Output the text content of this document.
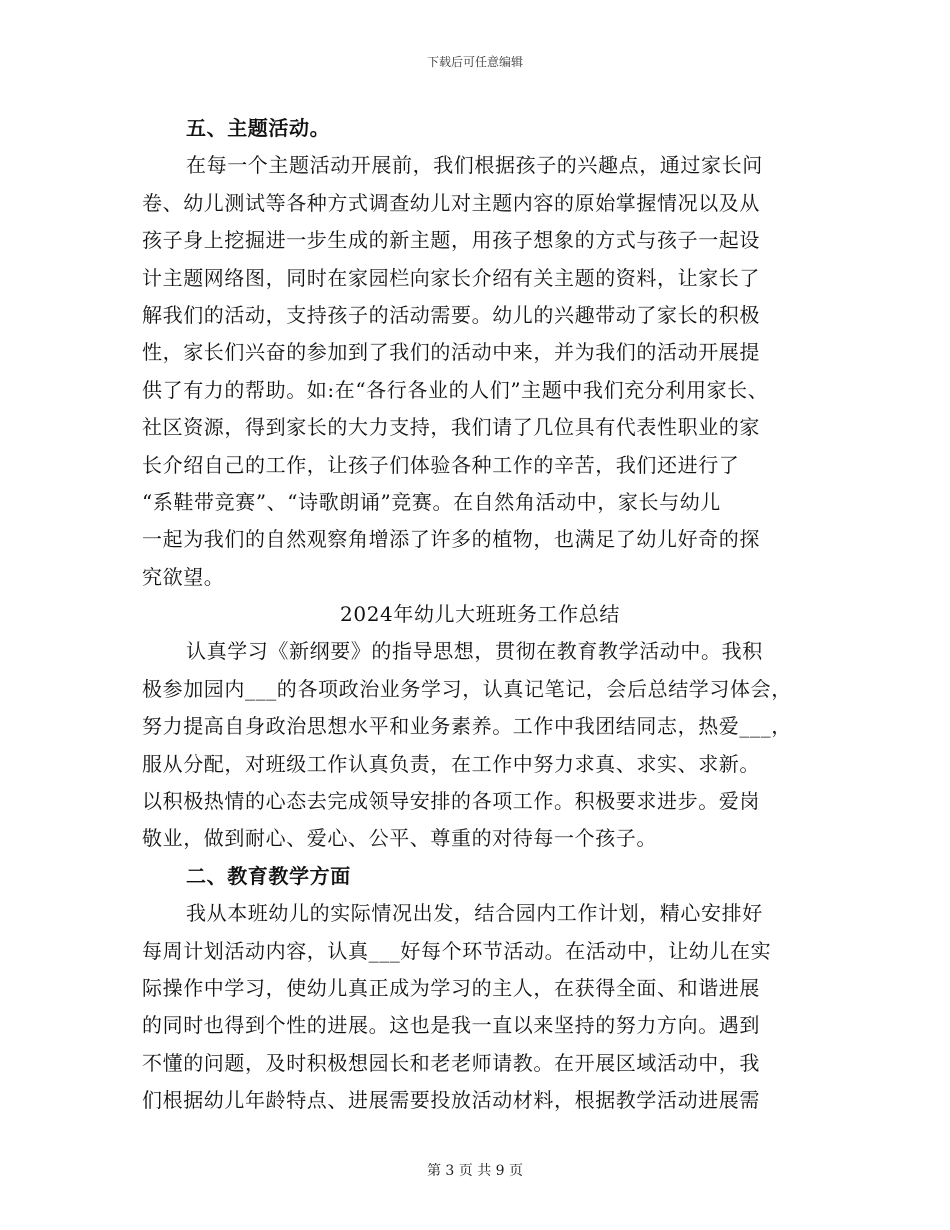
下载后可任意编辑
五、主题活动。
在每一个主题活动开展前，我们根据孩子的兴趣点，通过家长问
卷、幼儿测试等各种方式调查幼儿对主题内容的原始掌握情况以及从
孩子身上挖掘进一步生成的新主题，用孩子想象的方式与孩子一起设
计主题网络图，同时在家园栏向家长介绍有关主题的资料，让家长了
解我们的活动，支持孩子的活动需要。幼儿的兴趣带动了家长的积极
性，家长们兴奋的参加到了我们的活动中来，并为我们的活动开展提
供了有力的帮助。如:在“各行各业的人们”主题中我们充分利用家长、
社区资源，得到家长的大力支持，我们请了几位具有代表性职业的家
长介绍自己的工作，让孩子们体验各种工作的辛苦，我们还进行了
“系鞋带竞赛”、“诗歌朗诵”竞赛。在自然角活动中，家长与幼儿
一起为我们的自然观察角增添了许多的植物，也满足了幼儿好奇的探
究欲望。
2024年幼儿大班班务工作总结
认真学习《新纲要》的指导思想，贯彻在教育教学活动中。我积
极参加园内___的各项政治业务学习，认真记笔记，会后总结学习体会，
努力提高自身政治思想水平和业务素养。工作中我团结同志，热爱___，
服从分配，对班级工作认真负责，在工作中努力求真、求实、求新。
以积极热情的心态去完成领导安排的各项工作。积极要求进步。爱岗
敬业，做到耐心、爱心、公平、尊重的对待每一个孩子。
二、教育教学方面
我从本班幼儿的实际情况出发，结合园内工作计划，精心安排好
每周计划活动内容，认真___好每个环节活动。在活动中，让幼儿在实
际操作中学习，使幼儿真正成为学习的主人，在获得全面、和谐进展
的同时也得到个性的进展。这也是我一直以来坚持的努力方向。遇到
不懂的问题，及时积极想园长和老老师请教。在开展区域活动中，我
们根据幼儿年龄特点、进展需要投放活动材料，根据教学活动进展需
第 3 页 共 9 页
